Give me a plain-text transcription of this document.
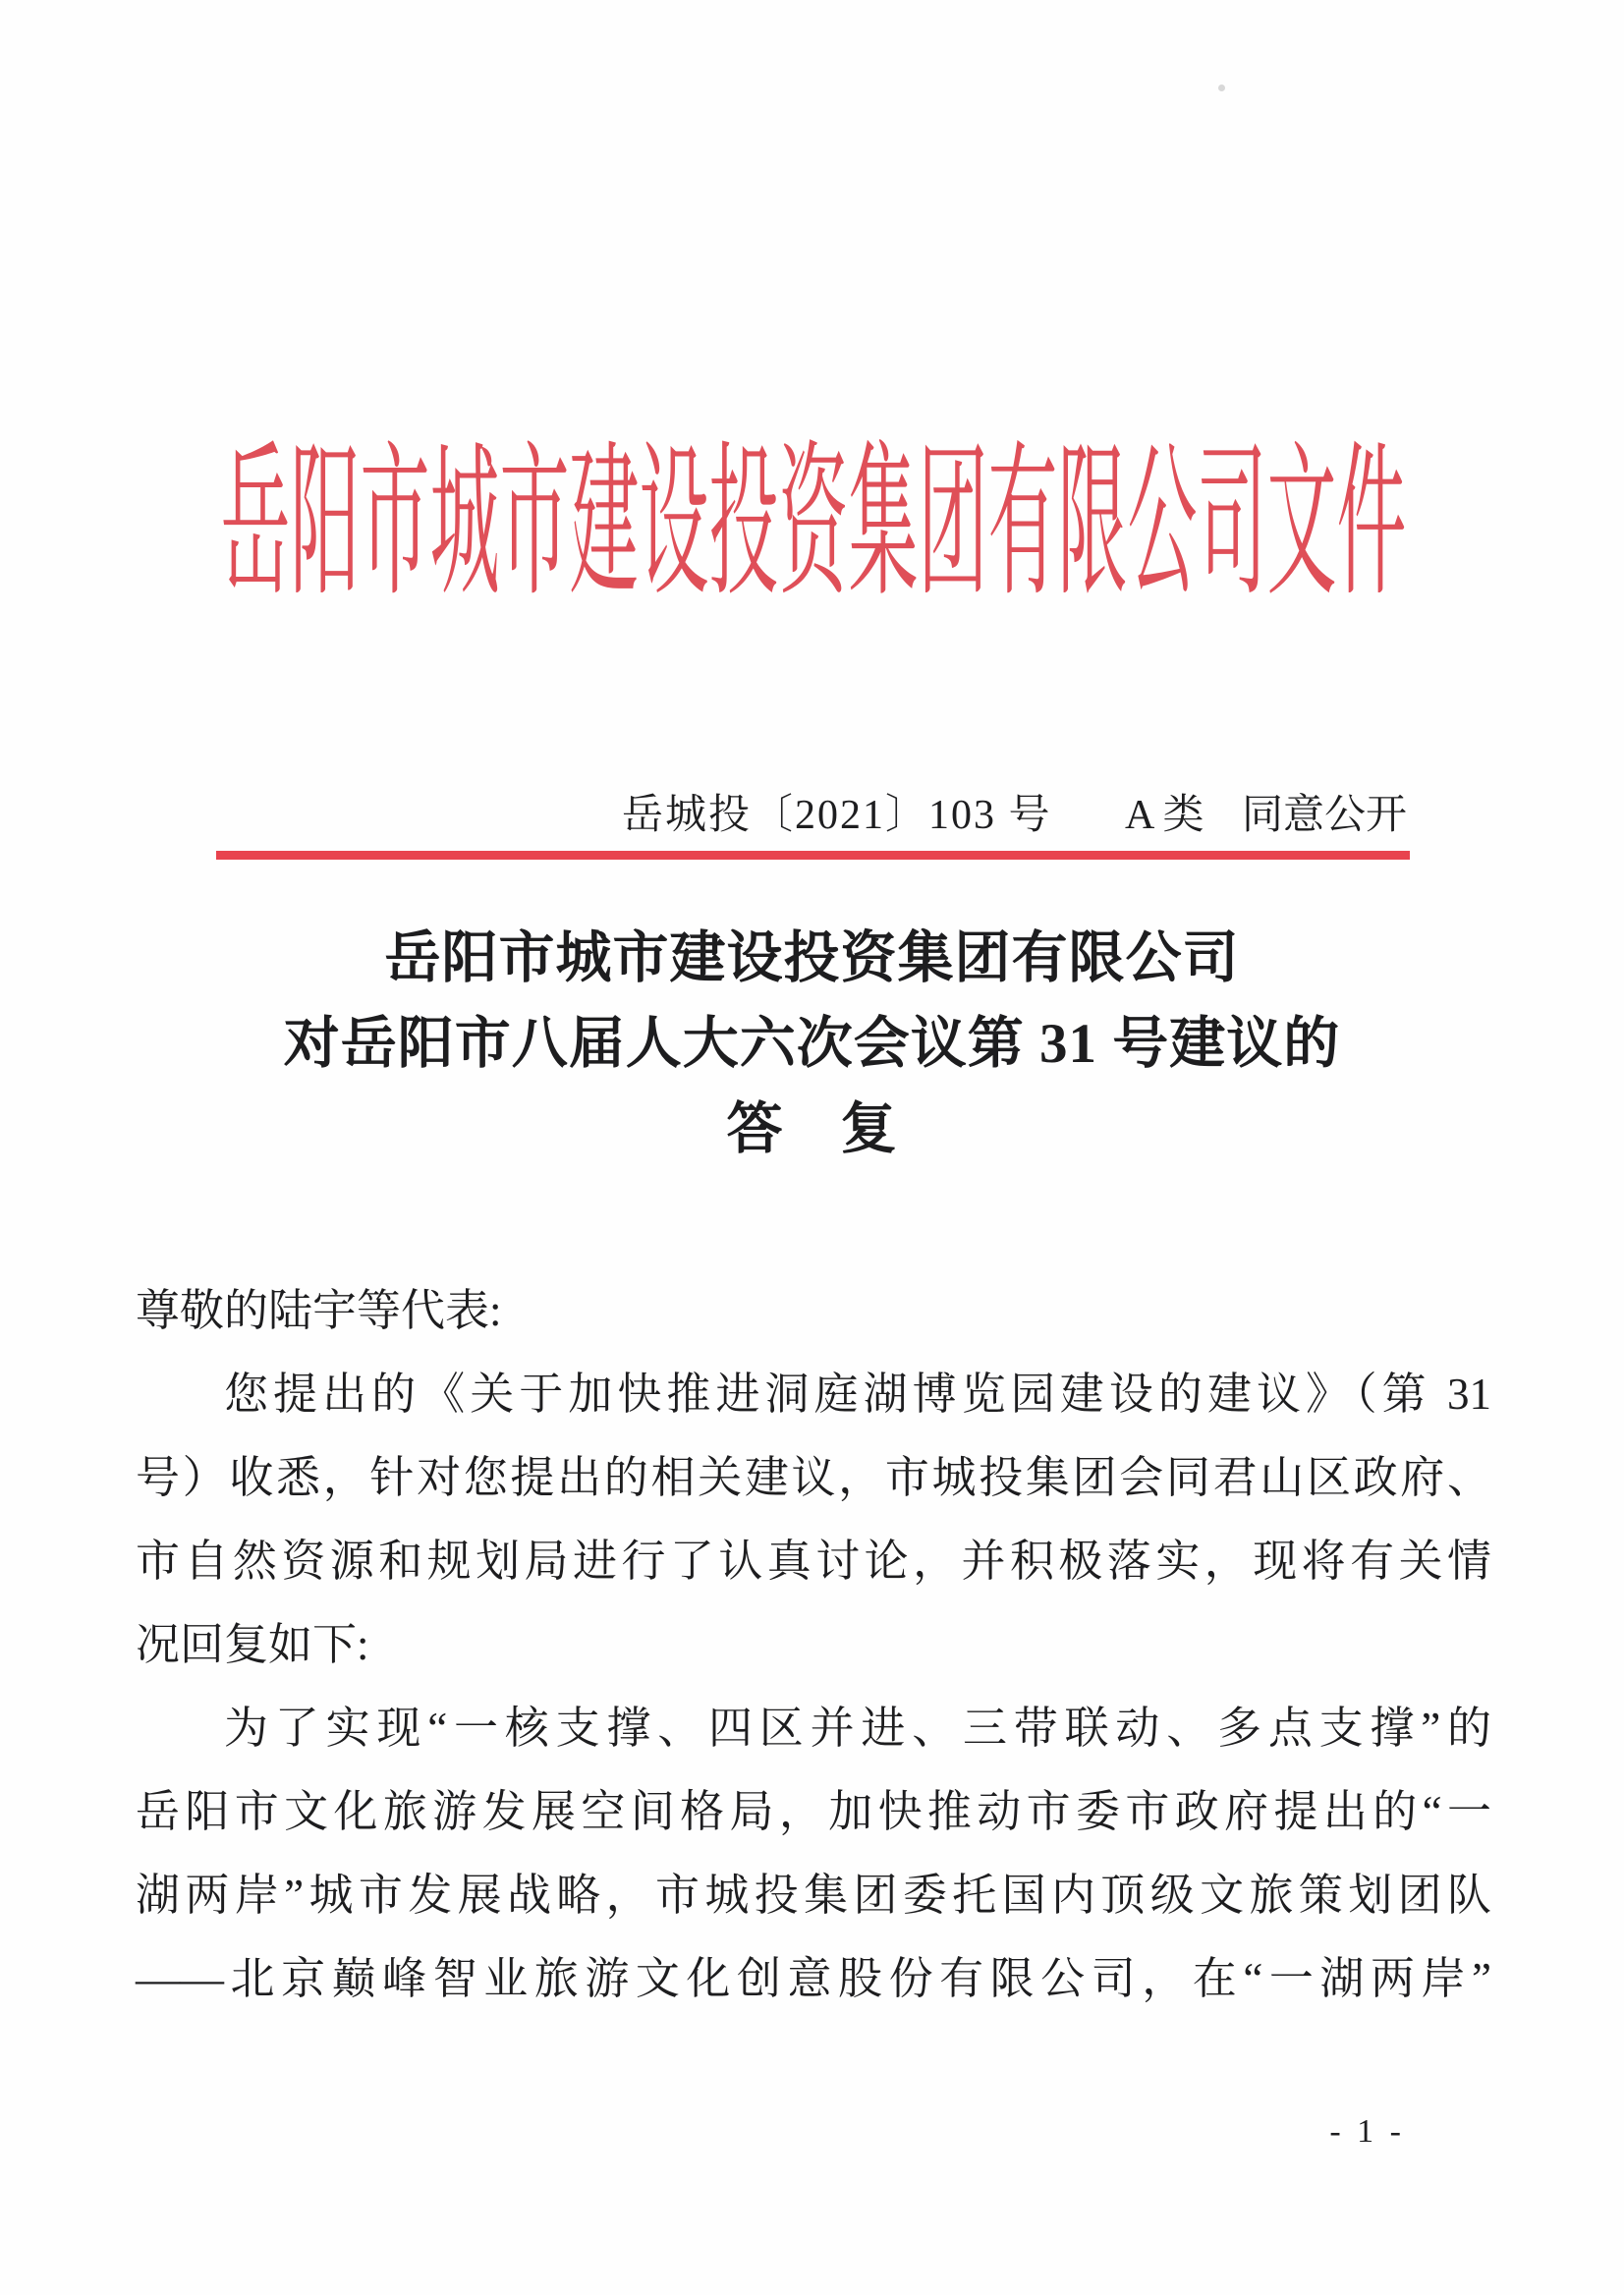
岳阳市城市建设投资集团有限公司文件
岳城投〔2021〕103 号 A 类 同意公开
岳阳市城市建设投资集团有限公司
对岳阳市八届人大六次会议第 31 号建议的
答　复
尊敬的陆宇等代表:
您提出的《关于加快推进洞庭湖博览园建设的建议》（第 31
号）收悉，针对您提出的相关建议，市城投集团会同君山区政府、
市自然资源和规划局进行了认真讨论，并积极落实，现将有关情
况回复如下:
为了实现“一核支撑、四区并进、三带联动、多点支撑”的
岳阳市文化旅游发展空间格局，加快推动市委市政府提出的“一
湖两岸”城市发展战略，市城投集团委托国内顶级文旅策划团队
——北京巅峰智业旅游文化创意股份有限公司，在“一湖两岸”
- 1 -
